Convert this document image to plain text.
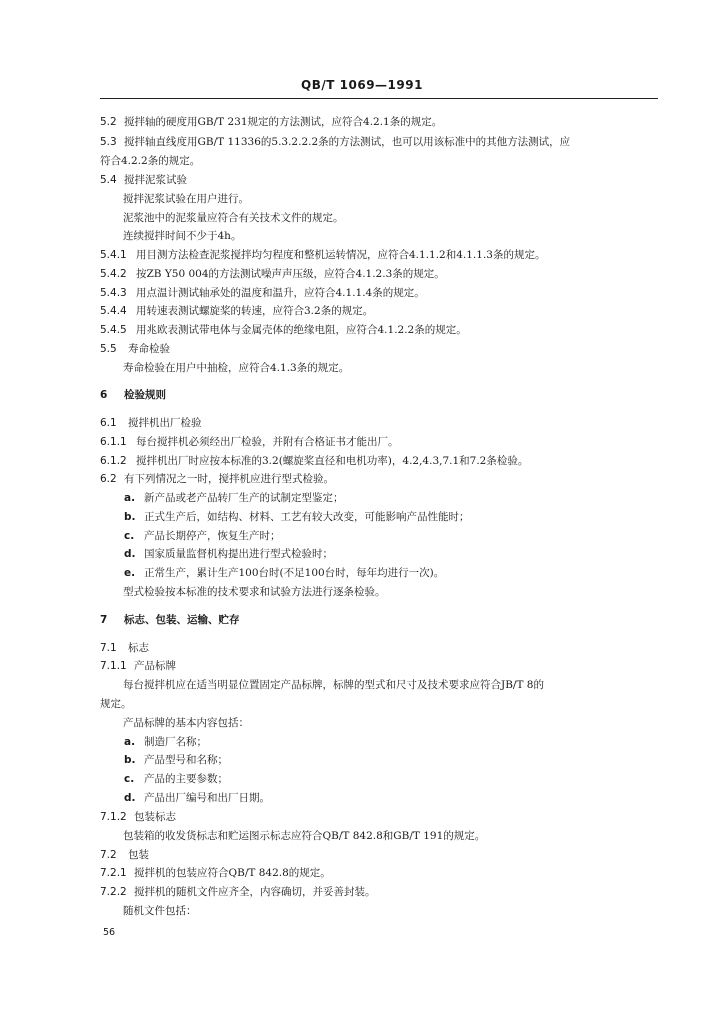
QB/T 1069—1991
5.2 搅拌轴的硬度用GB/T 231规定的方法测试，应符合4.2.1条的规定。
5.3 搅拌轴直线度用GB/T 11336的5.3.2.2.2条的方法测试，也可以用该标准中的其他方法测试，应
符合4.2.2条的规定。
5.4 搅拌泥浆试验
搅拌泥浆试验在用户进行。
泥浆池中的泥浆量应符合有关技术文件的规定。
连续搅拌时间不少于4h。
5.4.1 用目测方法检查泥浆搅拌均匀程度和整机运转情况，应符合4.1.1.2和4.1.1.3条的规定。
5.4.2 按ZB Y50 004的方法测试噪声声压级，应符合4.1.2.3条的规定。
5.4.3 用点温计测试轴承处的温度和温升，应符合4.1.1.4条的规定。
5.4.4 用转速表测试螺旋桨的转速，应符合3.2条的规定。
5.4.5 用兆欧表测试带电体与金属壳体的绝缘电阻，应符合4.1.2.2条的规定。
5.5 寿命检验
寿命检验在用户中抽检，应符合4.1.3条的规定。
6 检验规则
6.1 搅拌机出厂检验
6.1.1 每台搅拌机必须经出厂检验，并附有合格证书才能出厂。
6.1.2 搅拌机出厂时应按本标准的3.2(螺旋桨直径和电机功率)，4.2,4.3,7.1和7.2条检验。
6.2 有下列情况之一时，搅拌机应进行型式检验。
a. 新产品或老产品转厂生产的试制定型鉴定；
b. 正式生产后，如结构、材料、工艺有较大改变，可能影响产品性能时；
c. 产品长期停产，恢复生产时；
d. 国家质量监督机构提出进行型式检验时；
e. 正常生产，累计生产100台时(不足100台时，每年均进行一次)。
型式检验按本标准的技术要求和试验方法进行逐条检验。
7 标志、包装、运输、贮存
7.1 标志
7.1.1 产品标牌
每台搅拌机应在适当明显位置固定产品标牌，标牌的型式和尺寸及技术要求应符合JB/T 8的
规定。
产品标牌的基本内容包括：
a. 制造厂名称；
b. 产品型号和名称；
c. 产品的主要参数；
d. 产品出厂编号和出厂日期。
7.1.2 包装标志
包装箱的收发货标志和贮运图示标志应符合QB/T 842.8和GB/T 191的规定。
7.2 包装
7.2.1 搅拌机的包装应符合QB/T 842.8的规定。
7.2.2 搅拌机的随机文件应齐全，内容确切，并妥善封装。
随机文件包括：
56
